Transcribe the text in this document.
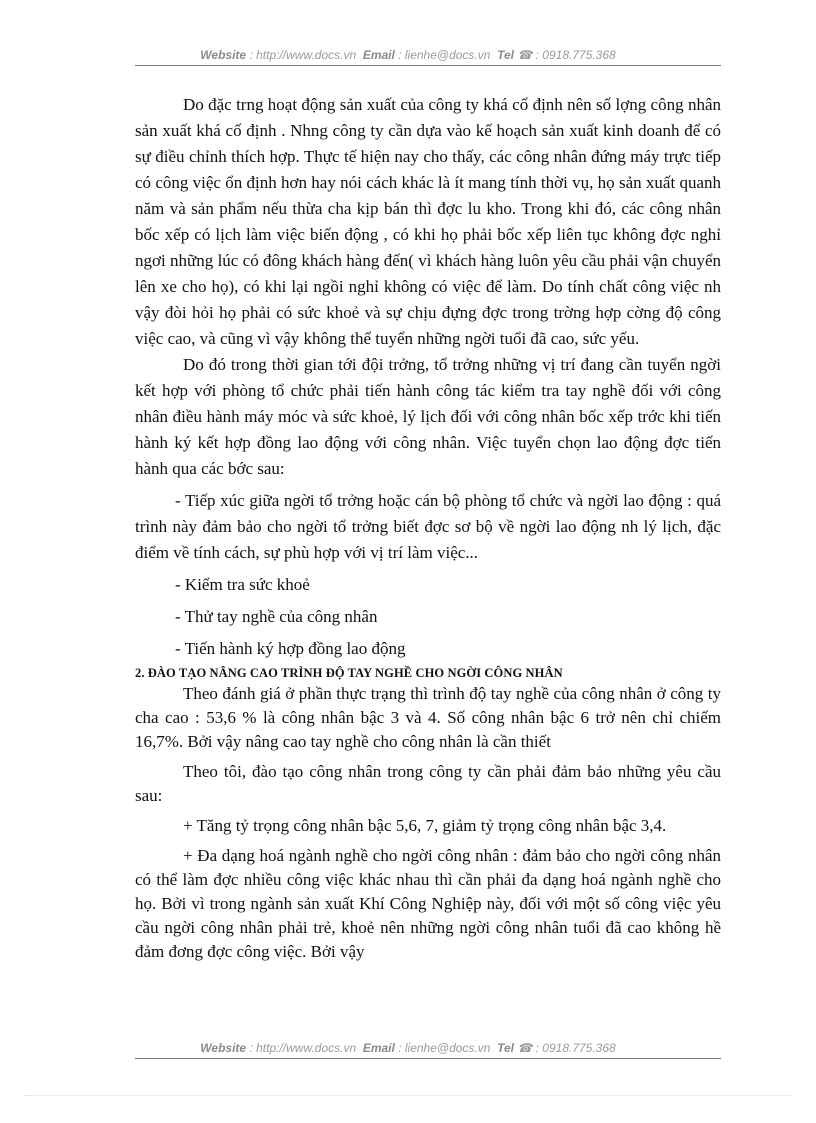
Website : http://www.docs.vn Email : lienhe@docs.vn Tel ☎ : 0918.775.368

Do đặc trng hoạt động sản xuất của công ty khá cố định nên số lợng công nhân sản xuất khá cố định . Nhng công ty cần dựa vào kế hoạch sản xuất kinh doanh để có sự điều chỉnh thích hợp. Thực tế hiện nay cho thấy, các công nhân đứng máy trực tiếp có công việc ổn định hơn hay nói cách khác là ít mang tính thời vụ, họ sản xuất quanh năm và sản phẩm nếu thừa cha kịp bán thì đợc lu kho. Trong khi đó, các công nhân bốc xếp có lịch làm việc biến động , có khi họ phải bốc xếp liên tục không đợc nghỉ ngơi những lúc có đông khách hàng đến( vì khách hàng luôn yêu cầu phải vận chuyển lên xe cho họ), có khi lại ngồi nghỉ không có việc để làm. Do tính chất công việc nh vậy đòi hỏi họ phải có sức khoẻ và sự chịu đựng đợc trong trờng hợp cờng độ công việc cao, và cũng vì vậy không thể tuyển những ngời tuổi đã cao, sức yếu.

Do đó trong thời gian tới đội trởng, tổ trởng những vị trí đang cần tuyển ngời kết hợp với phòng tổ chức phải tiến hành công tác kiểm tra tay nghề đối với công nhân điều hành máy móc và sức khoẻ, lý lịch đối với công nhân bốc xếp trớc khi tiến hành ký kết hợp đồng lao động với công nhân. Việc tuyển chọn lao động đợc tiến hành qua các bớc sau:

- Tiếp xúc giữa ngời tổ trởng hoặc cán bộ phòng tổ chức và ngời lao động : quá trình này đảm bảo cho ngời tổ trởng biết đợc sơ bộ về ngời lao động nh lý lịch, đặc điểm về tính cách, sự phù hợp với vị trí làm việc...

- Kiểm tra sức khoẻ

- Thử tay nghề của công nhân

- Tiến hành ký hợp đồng lao động

2. ĐÀO TẠO NÂNG CAO TRÌNH ĐỘ TAY NGHỀ CHO NGỜI CÔNG NHÂN

Theo đánh giá ở phần thực trạng thì trình độ tay nghề của công nhân ở công ty cha cao : 53,6 % là công nhân bậc 3 và 4. Số công nhân bậc 6 trở nên chỉ chiếm 16,7%. Bởi vậy nâng cao tay nghề cho công nhân là cần thiết

Theo tôi, đào tạo công nhân trong công ty cần phải đảm bảo những yêu cầu sau:

+ Tăng tỷ trọng công nhân bậc 5,6, 7, giảm tỷ trọng công nhân bậc 3,4.

+ Đa dạng hoá ngành nghề cho ngời công nhân : đảm bảo cho ngời công nhân có thể làm đợc nhiều công việc khác nhau thì cần phải đa dạng hoá ngành nghề cho họ. Bởi vì trong ngành sản xuất Khí Công Nghiệp này, đối với một số công việc yêu cầu ngời công nhân phải trẻ, khoẻ nên những ngời công nhân tuổi đã cao không hề đảm đơng đợc công việc. Bởi vậy

Website : http://www.docs.vn Email : lienhe@docs.vn Tel ☎ : 0918.775.368
